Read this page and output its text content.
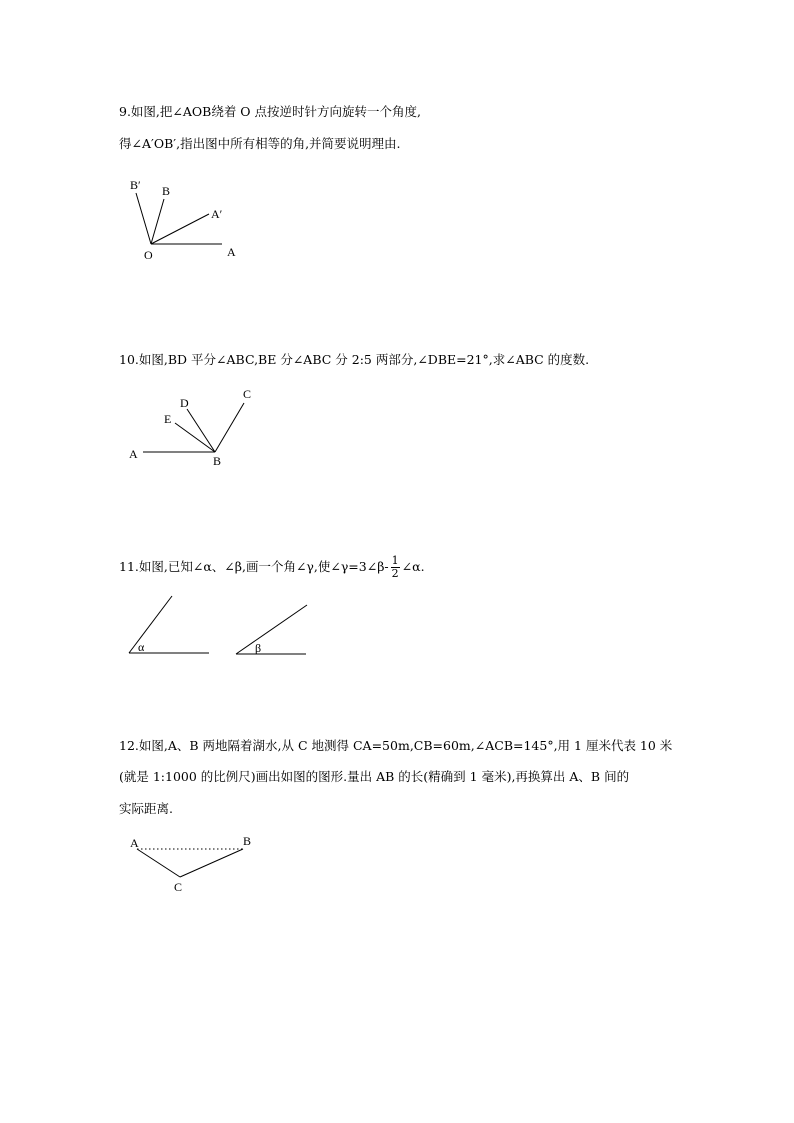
9.如图,把∠AOB绕着 O 点按逆时针方向旋转一个角度,
得∠A′OB′,指出图中所有相等的角,并简要说明理由.
B′ B
A′
O	A
C
D
E
A	B
α	β
A	B
C
10.如图,BD 平分∠ABC,BE 分∠ABC 分 2:5 两部分,∠DBE=21°,求∠ABC 的度数.
11.如图,已知∠α、∠β,画一个角∠γ,使∠γ=3∠β- $\frac{1}{2}$ ∠α.
12.如图,A、B 两地隔着湖水,从 C 地测得 CA=50m,CB=60m,∠ACB=145°,用 1 厘米代表 10 米
(就是 1:1000 的比例尺)画出如图的图形.量出 AB 的长(精确到 1 毫米),再换算出 A、B 间的
实际距离.
